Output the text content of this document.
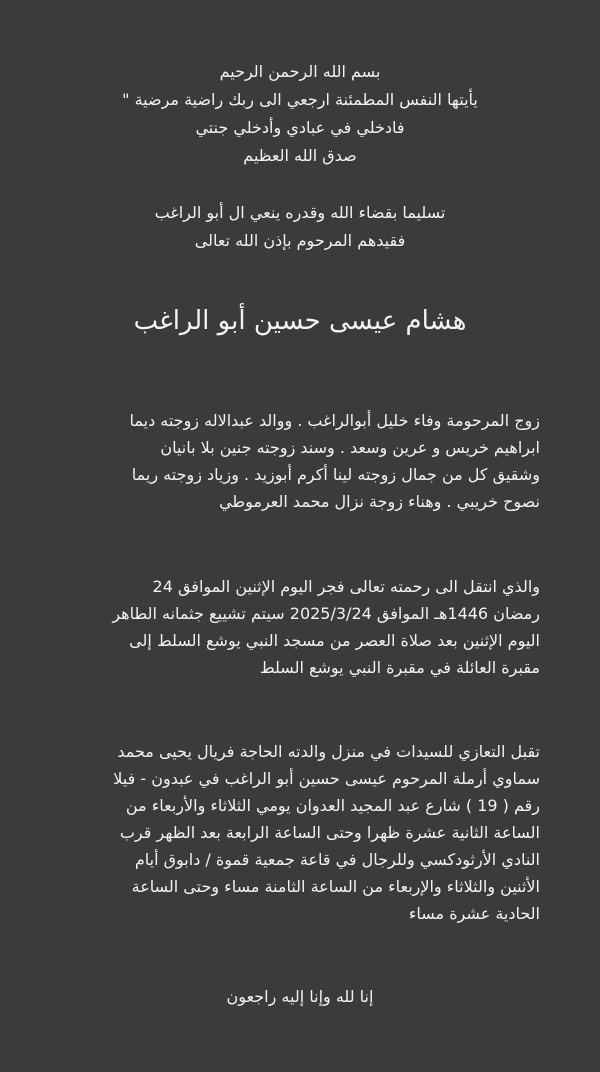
بسم الله الرحمن الرحيم
يأيتها النفس المطمئنة ارجعي الى ربك راضية مرضية "
فادخلي في عبادي وأدخلي جنتي
صدق الله العظيم
تسليما بقضاء الله وقدره ينعي ال أبو الراغب
فقيدهم المرحوم بإذن الله تعالى
هشام عيسى حسين أبو الراغب
زوج المرحومة وفاء خليل أبوالراغب . ووالد عبدالاله زوجته ديما
ابراهيم خريس و عرين وسعد . وسند زوجته جنين بلا بانيان
وشقيق كل من جمال زوجته لينا أكرم أبوزيد . وزياد زوجته ريما
نصوح خريبي . وهناء زوجة نزال محمد العرموطي
والذي انتقل الى رحمته تعالى فجر اليوم الإثنين الموافق 24
رمضان 1446هـ الموافق 2025/3/24 سيتم تشييع جثمانه الطاهر
اليوم الإثنين بعد صلاة العصر من مسجد النبي يوشع السلط إلى
مقبرة العائلة في مقبرة النبي يوشع السلط
تقبل التعازي للسيدات في منزل والدته الحاجة فريال يحيى محمد
سماوي أرملة المرحوم عيسى حسين أبو الراغب في عبدون - فيلا
رقم ( 19 ) شارع عبد المجيد العدوان يومي الثلاثاء والأربعاء من
الساعة الثانية عشرة ظهرا وحتى الساعة الرابعة بعد الظهر قرب
النادي الأرثودكسي وللرجال في قاعة جمعية قموة / دابوق أيام
الأثنين والثلاثاء والإربعاء من الساعة الثامنة مساء وحتى الساعة
الحادية عشرة مساء
إنا لله وإنا إليه راجعون
